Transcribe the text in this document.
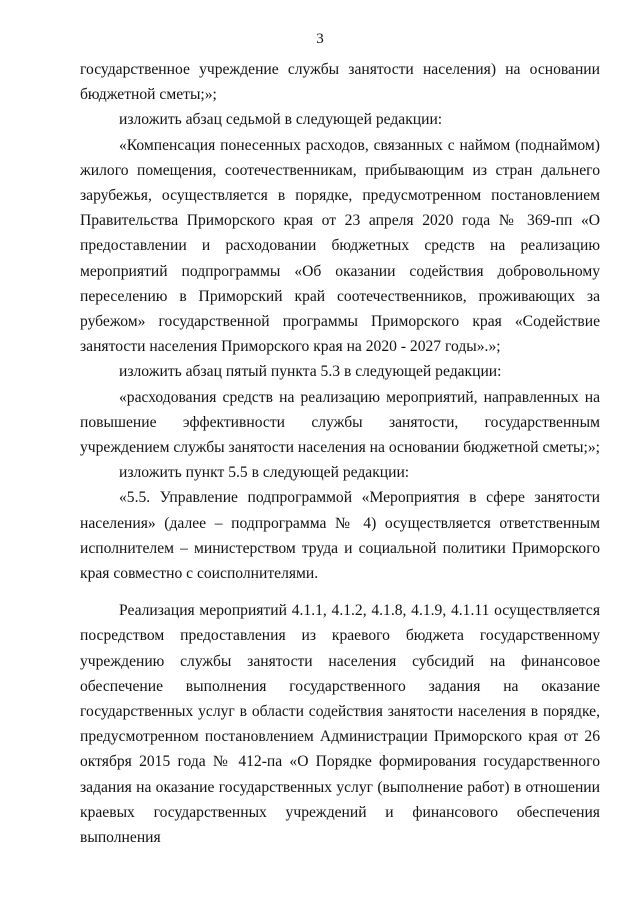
3

государственное учреждение службы занятости населения) на основании бюджетной сметы;»;

изложить абзац седьмой в следующей редакции:

«Компенсация понесенных расходов, связанных с наймом (поднаймом) жилого помещения, соотечественникам, прибывающим из стран дальнего зарубежья, осуществляется в порядке, предусмотренном постановлением Правительства Приморского края от 23 апреля 2020 года № 369-пп «О предоставлении и расходовании бюджетных средств на реализацию мероприятий подпрограммы «Об оказании содействия добровольному переселению в Приморский край соотечественников, проживающих за рубежом» государственной программы Приморского края «Содействие занятости населения Приморского края на 2020 - 2027 годы».»;

изложить абзац пятый пункта 5.3 в следующей редакции:

«расходования средств на реализацию мероприятий, направленных на повышение эффективности службы занятости, государственным учреждением службы занятости населения на основании бюджетной сметы;»;

изложить пункт 5.5 в следующей редакции:

«5.5. Управление подпрограммой «Мероприятия в сфере занятости населения» (далее – подпрограмма № 4) осуществляется ответственным исполнителем – министерством труда и социальной политики Приморского края совместно с соисполнителями.

Реализация мероприятий 4.1.1, 4.1.2, 4.1.8, 4.1.9, 4.1.11 осуществляется посредством предоставления из краевого бюджета государственному учреждению службы занятости населения субсидий на финансовое обеспечение выполнения государственного задания на оказание государственных услуг в области содействия занятости населения в порядке, предусмотренном постановлением Администрации Приморского края от 26 октября 2015 года № 412-па «О Порядке формирования государственного задания на оказание государственных услуг (выполнение работ) в отношении краевых государственных учреждений и финансового обеспечения выполнения
